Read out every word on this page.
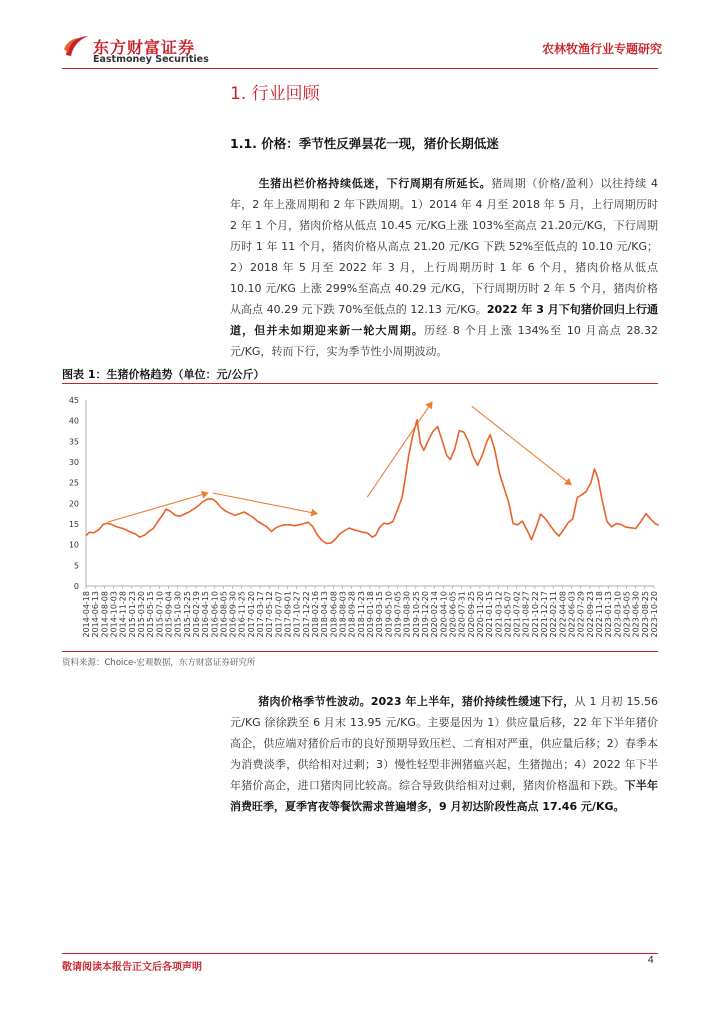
东方财富证券
Eastmoney Securities
农林牧渔行业专题研究
1. 行业回顾
1.1. 价格：季节性反弹昙花一现，猪价长期低迷
生猪出栏价格持续低迷，下行周期有所延长。猪周期（价格/盈利）以往持续 4 年，2 年上涨周期和 2 年下跌周期。1）2014 年 4 月至 2018 年 5 月，上行周期历时 2 年 1 个月，猪肉价格从低点 10.45 元/KG上涨 103%至高点 21.20元/KG，下行周期历时 1 年 11 个月，猪肉价格从高点 21.20 元/KG 下跌 52%至低点的 10.10 元/KG；2）2018 年 5 月至 2022 年 3 月，上行周期历时 1 年 6 个月，猪肉价格从低点 10.10 元/KG 上涨 299%至高点 40.29 元/KG，下行周期历时 2 年 5 个月，猪肉价格从高点 40.29 元下跌 70%至低点的 12.13 元/KG。2022 年 3 月下旬猪价回归上行通道，但并未如期迎来新一轮大周期。历经 8 个月上涨 134%至 10 月高点 28.32 元/KG，转而下行，实为季节性小周期波动。
图表 1：生猪价格趋势（单位：元/公斤）
0
5
10
15
20
25
30
35
40
45
2014-04-18 2014-06-13 2014-08-08 2014-10-03 2014-11-28 2015-01-23 2015-03-20 2015-05-15 2015-07-10 2015-09-04 2015-10-30 2015-12-25 2016-02-19 2016-04-15 2016-06-10 2016-08-05 2016-09-30 2016-11-25 2017-01-20 2017-03-17 2017-05-12 2017-07-07 2017-09-01 2017-10-27 2017-12-22 2018-02-16 2018-04-13 2018-06-08 2018-08-03 2018-09-28 2018-11-23 2019-01-18 2019-03-15 2019-05-10 2019-07-05 2019-08-30 2019-10-25 2019-12-20 2020-02-14 2020-04-10 2020-06-05 2020-07-31 2020-09-25 2020-11-20 2021-01-15 2021-03-12 2021-05-07 2021-07-02 2021-08-27 2021-10-22 2021-12-17 2022-02-11 2022-04-08 2022-06-03 2022-07-29 2022-09-23 2022-11-18 2023-01-13 2023-03-10 2023-05-05 2023-06-30 2023-08-25 2023-10-20
资料来源：Choice-宏观数据，东方财富证券研究所
猪肉价格季节性波动。2023 年上半年，猪价持续性缓速下行，从 1 月初 15.56 元/KG 徐徐跌至 6 月末 13.95 元/KG。主要是因为 1）供应量后移，22 年下半年猪价高企，供应端对猪价后市的良好预期导致压栏、二育相对严重，供应量后移；2）春季本为消费淡季，供给相对过剩；3）慢性轻型非洲猪瘟兴起，生猪抛出；4）2022 年下半年猪价高企，进口猪肉同比较高。综合导致供给相对过剩，猪肉价格温和下跌。下半年消费旺季，夏季宵夜等餐饮需求普遍增多，9 月初达阶段性高点 17.46 元/KG。
敬请阅读本报告正文后各项声明
4
